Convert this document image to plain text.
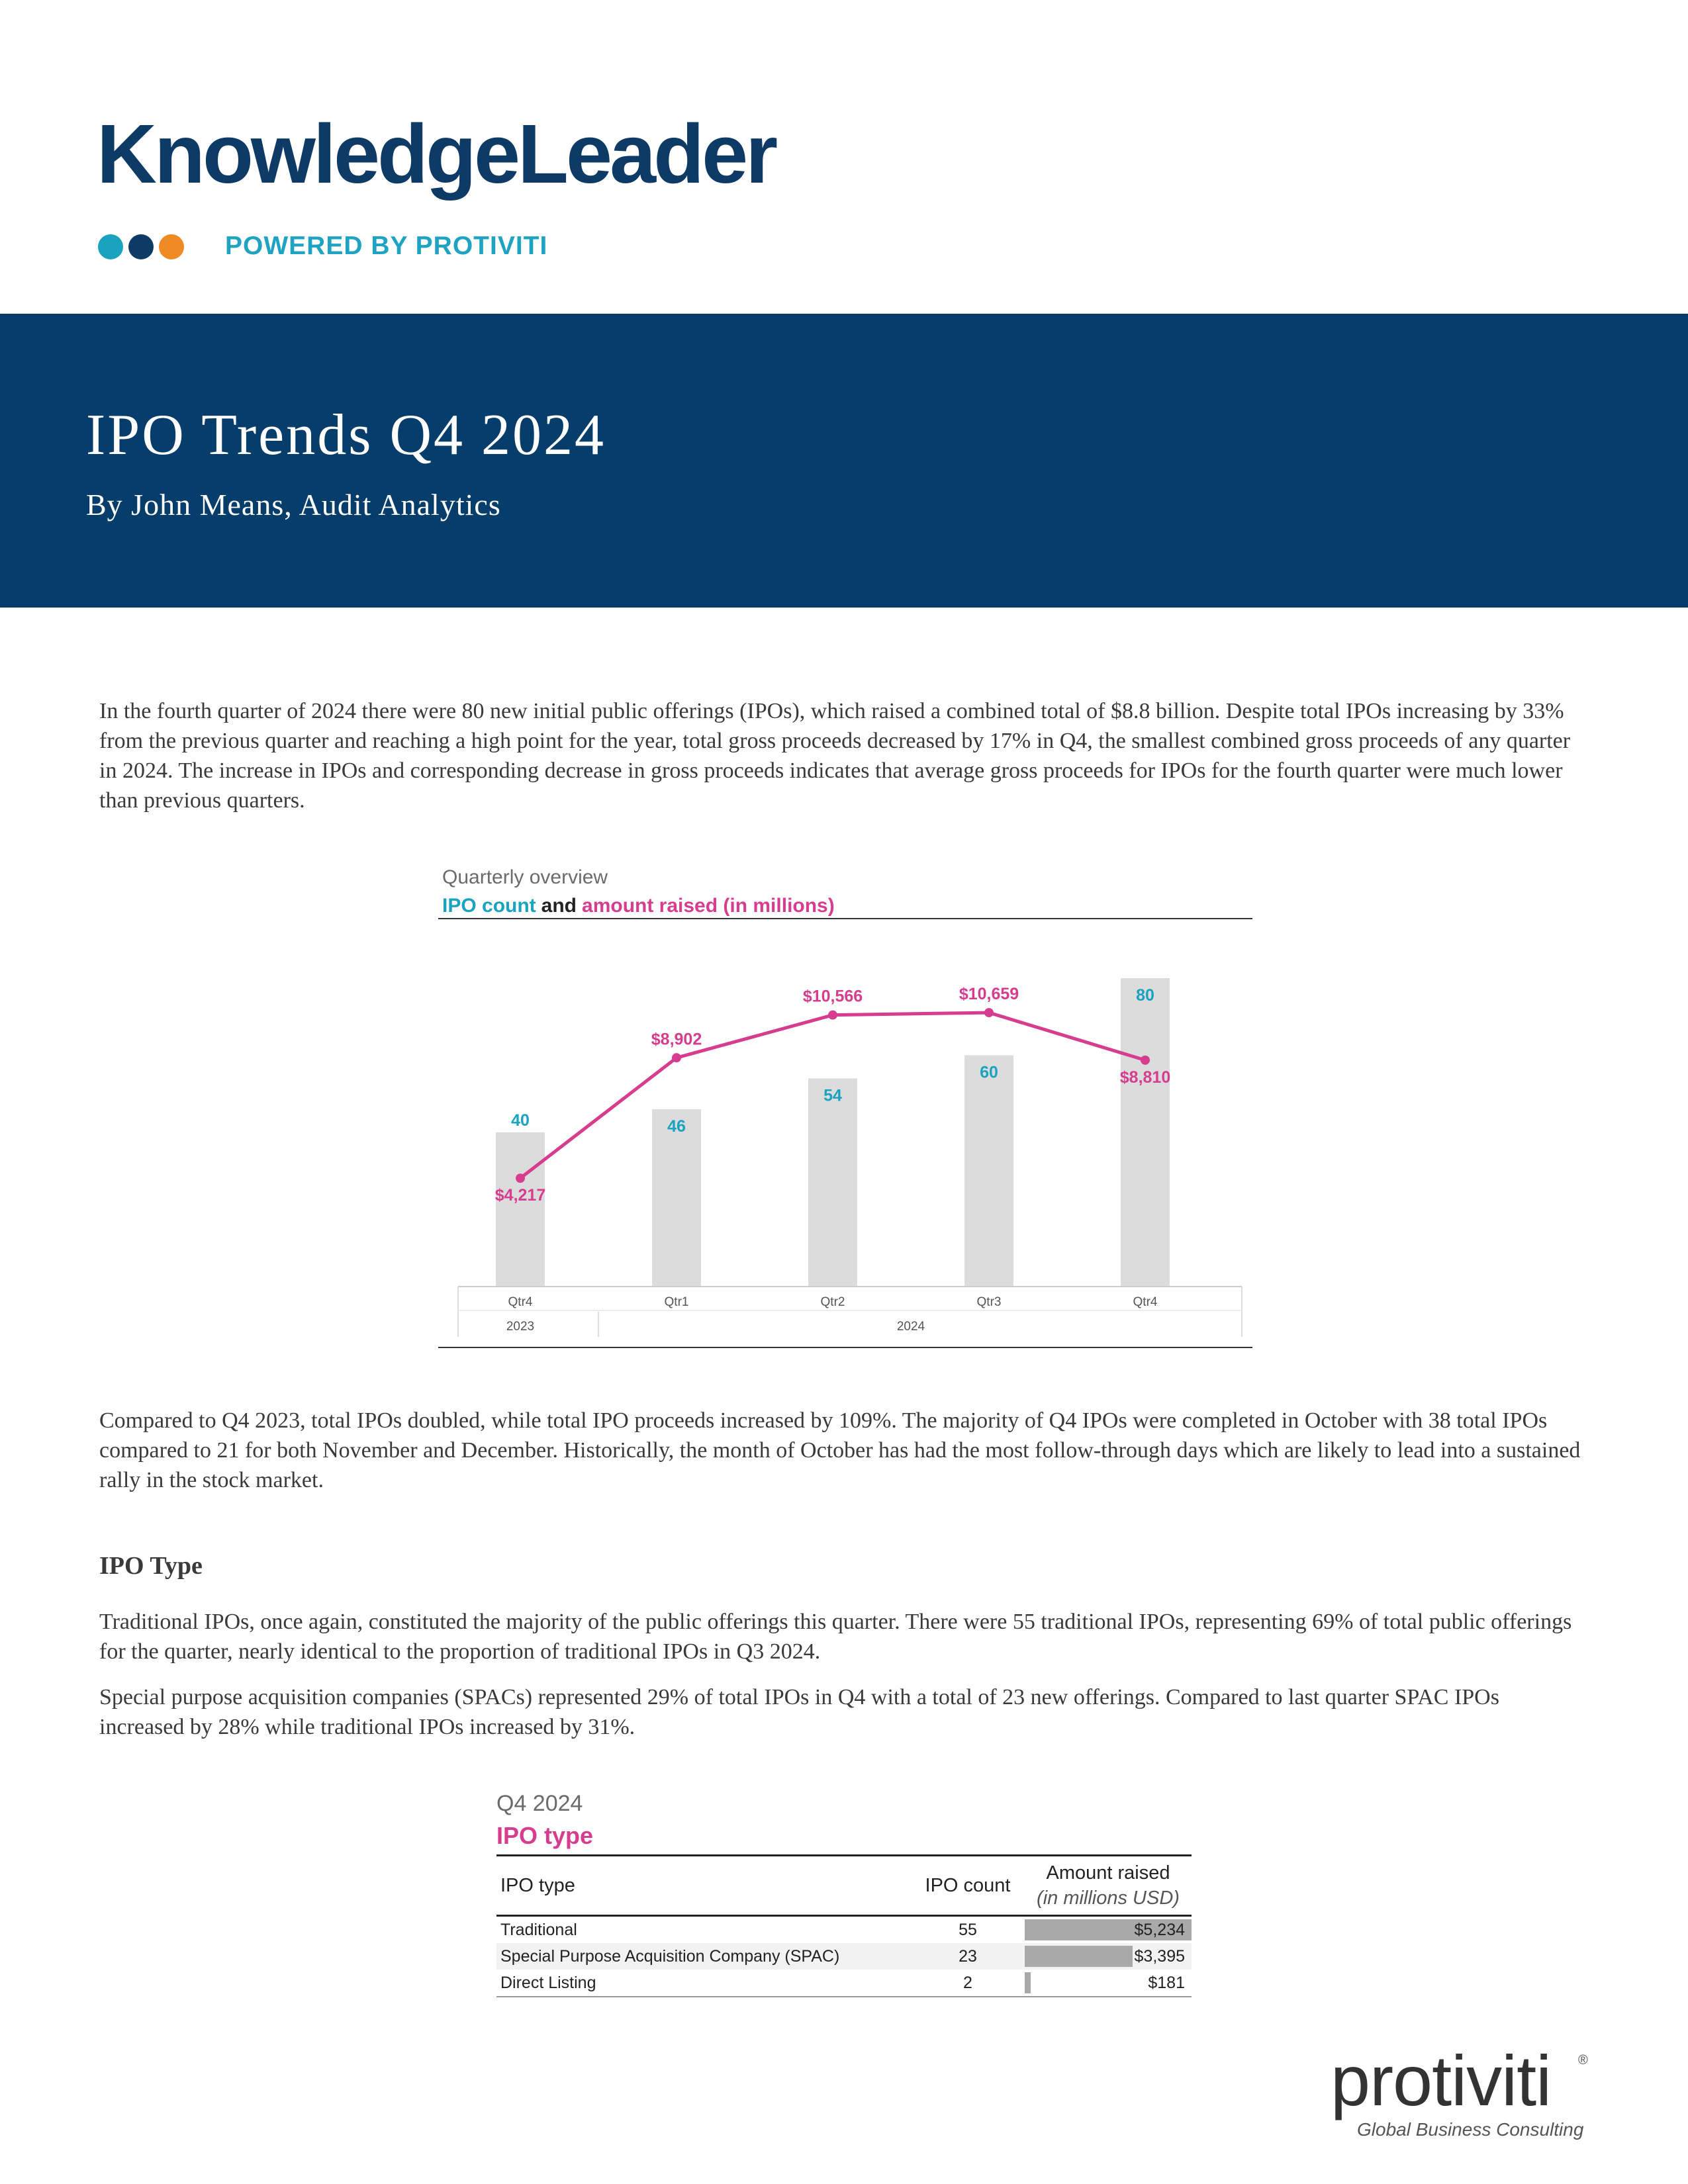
KnowledgeLeader
POWERED BY PROTIVITI
IPO Trends Q4 2024
By John Means, Audit Analytics

In the fourth quarter of 2024 there were 80 new initial public offerings (IPOs), which raised a combined total of $8.8 billion. Despite total IPOs increasing by 33% from the previous quarter and reaching a high point for the year, total gross proceeds decreased by 17% in Q4, the smallest combined gross proceeds of any quarter in 2024. The increase in IPOs and corresponding decrease in gross proceeds indicates that average gross proceeds for IPOs for the fourth quarter were much lower than previous quarters.

Quarterly overview
IPO count and amount raised (in millions)
40	46
54
60
80
$4,217
$8,902
$10,566	$10,659
$8,810
Qtr4	Qtr1	Qtr2	Qtr3	Qtr4
2023	2024

Compared to Q4 2023, total IPOs doubled, while total IPO proceeds increased by 109%. The majority of Q4 IPOs were completed in October with 38 total IPOs compared to 21 for both November and December. Historically, the month of October has had the most follow-through days which are likely to lead into a sustained rally in the stock market.

IPO Type

Traditional IPOs, once again, constituted the majority of the public offerings this quarter. There were 55 traditional IPOs, representing 69% of total public offerings for the quarter, nearly identical to the proportion of traditional IPOs in Q3 2024.

Special purpose acquisition companies (SPACs) represented 29% of total IPOs in Q4 with a total of 23 new offerings. Compared to last quarter SPAC IPOs increased by 28% while traditional IPOs increased by 31%.

Q4 2024
IPO type
IPO type	IPO count	Amount raised
(in millions USD)
Traditional	55	$5,234

Special Purpose Acquisition Company (SPAC)	23	$3,395

Direct Listing	2	$181
protiviti ®
Global Business Consulting
